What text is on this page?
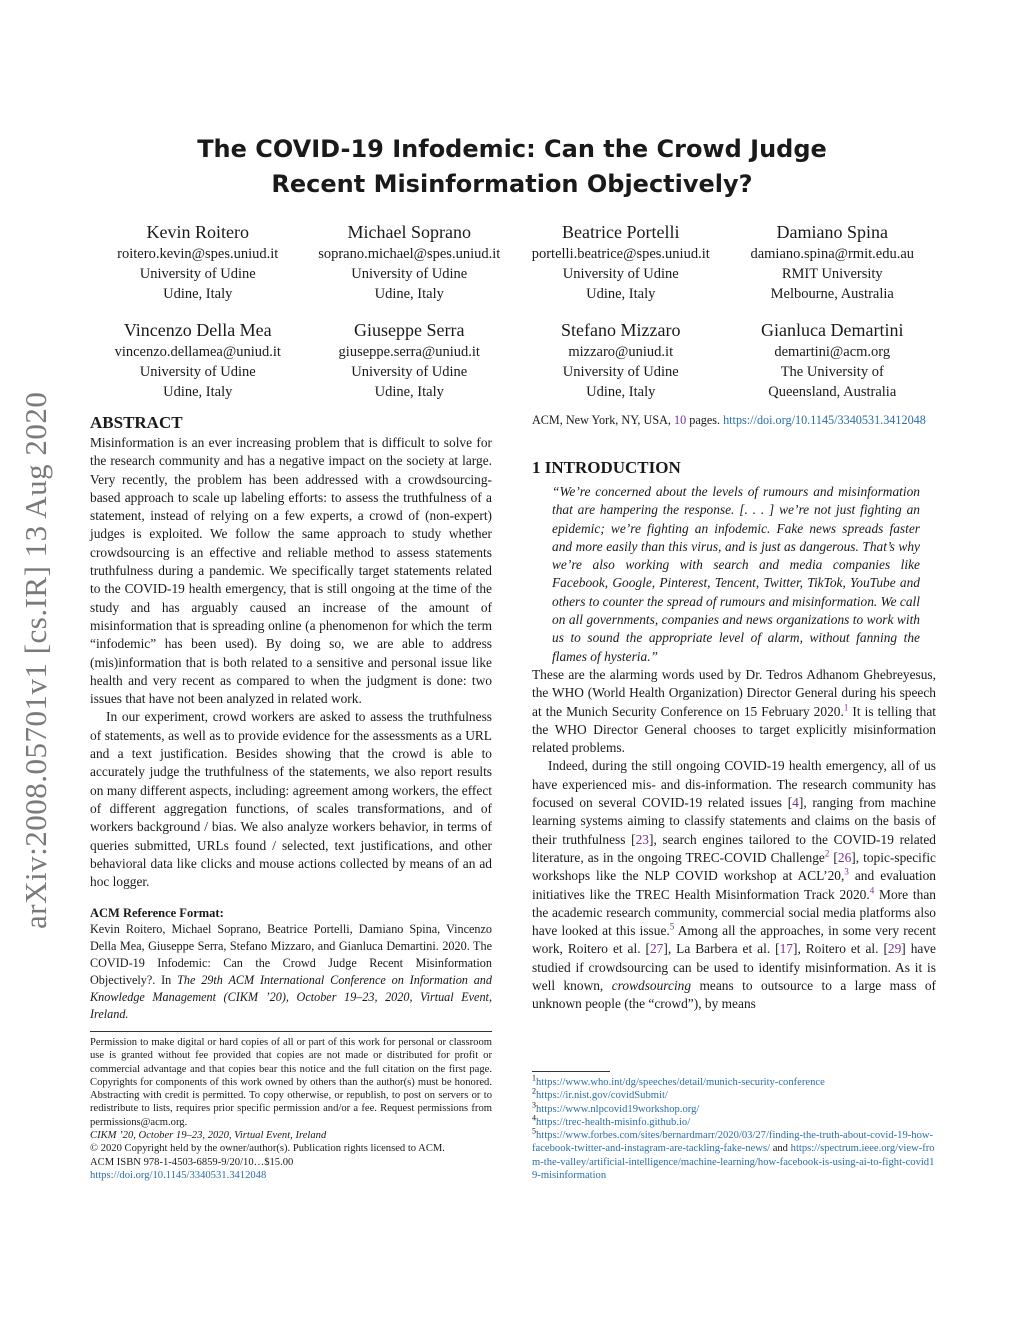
arXiv:2008.05701v1 [cs.IR] 13 Aug 2020
The COVID-19 Infodemic: Can the Crowd Judge
Recent Misinformation Objectively?
Kevin Roitero
roitero.kevin@spes.uniud.it
University of Udine
Udine, Italy
Michael Soprano
soprano.michael@spes.uniud.it
University of Udine
Udine, Italy
Beatrice Portelli
portelli.beatrice@spes.uniud.it
University of Udine
Udine, Italy
Damiano Spina
damiano.spina@rmit.edu.au
RMIT University
Melbourne, Australia
Vincenzo Della Mea
vincenzo.dellamea@uniud.it
University of Udine
Udine, Italy
Giuseppe Serra
giuseppe.serra@uniud.it
University of Udine
Udine, Italy
Stefano Mizzaro
mizzaro@uniud.it
University of Udine
Udine, Italy
Gianluca Demartini
demartini@acm.org
The University of
Queensland, Australia
ABSTRACT

Misinformation is an ever increasing problem that is difficult to solve for the research community and has a negative impact on the society at large. Very recently, the problem has been addressed with a crowdsourcing-based approach to scale up labeling efforts: to assess the truthfulness of a statement, instead of relying on a few experts, a crowd of (non-expert) judges is exploited. We follow the same approach to study whether crowdsourcing is an effective and reliable method to assess statements truthfulness during a pandemic. We specifically target statements related to the COVID-19 health emergency, that is still ongoing at the time of the study and has arguably caused an increase of the amount of misinformation that is spreading online (a phenomenon for which the term “infodemic” has been used). By doing so, we are able to address (mis)information that is both related to a sensitive and personal issue like health and very recent as compared to when the judgment is done: two issues that have not been analyzed in related work.

In our experiment, crowd workers are asked to assess the truthfulness of statements, as well as to provide evidence for the assessments as a URL and a text justification. Besides showing that the crowd is able to accurately judge the truthfulness of the statements, we also report results on many different aspects, including: agreement among workers, the effect of different aggregation functions, of scales transformations, and of workers background / bias. We also analyze workers behavior, in terms of queries submitted, URLs found / selected, text justifications, and other behavioral data like clicks and mouse actions collected by means of an ad hoc logger.

ACM Reference Format:

Kevin Roitero, Michael Soprano, Beatrice Portelli, Damiano Spina, Vincenzo Della Mea, Giuseppe Serra, Stefano Mizzaro, and Gianluca Demartini. 2020. The COVID-19 Infodemic: Can the Crowd Judge Recent Misinformation Objectively?. In The 29th ACM International Conference on Information and Knowledge Management (CIKM ’20), October 19–23, 2020, Virtual Event, Ireland.

Permission to make digital or hard copies of all or part of this work for personal or classroom use is granted without fee provided that copies are not made or distributed for profit or commercial advantage and that copies bear this notice and the full citation on the first page. Copyrights for components of this work owned by others than the author(s) must be honored. Abstracting with credit is permitted. To copy otherwise, or republish, to post on servers or to redistribute to lists, requires prior specific permission and/or a fee. Request permissions from permissions@acm.org.
CIKM ’20, October 19–23, 2020, Virtual Event, Ireland
© 2020 Copyright held by the owner/author(s). Publication rights licensed to ACM.
ACM ISBN 978-1-4503-6859-9/20/10…$15.00
https://doi.org/10.1145/3340531.3412048

ACM, New York, NY, USA, 10 pages. https://doi.org/10.1145/3340531.3412048

1 INTRODUCTION

“We’re concerned about the levels of rumours and misinformation that are hampering the response. [. . . ] we’re not just fighting an epidemic; we’re fighting an infodemic. Fake news spreads faster and more easily than this virus, and is just as dangerous. That’s why we’re also working with search and media companies like Facebook, Google, Pinterest, Tencent, Twitter, TikTok, YouTube and others to counter the spread of rumours and misinformation. We call on all governments, companies and news organizations to work with us to sound the appropriate level of alarm, without fanning the flames of hysteria.”

These are the alarming words used by Dr. Tedros Adhanom Ghebreyesus, the WHO (World Health Organization) Director General during his speech at the Munich Security Conference on 15 February 2020.$^1$ It is telling that the WHO Director General chooses to target explicitly misinformation related problems.

Indeed, during the still ongoing COVID-19 health emergency, all of us have experienced mis- and dis-information. The research community has focused on several COVID-19 related issues [4], ranging from machine learning systems aiming to classify statements and claims on the basis of their truthfulness [23], search engines tailored to the COVID-19 related literature, as in the ongoing TREC-COVID Challenge$^2$ [26], topic-specific workshops like the NLP COVID workshop at ACL’20,$^3$ and evaluation initiatives like the TREC Health Misinformation Track 2020.$^4$ More than the academic research community, commercial social media platforms also have looked at this issue.$^5$ Among all the approaches, in some very recent work, Roitero et al. [27], La Barbera et al. [17], Roitero et al. [29] have studied if crowdsourcing can be used to identify misinformation. As it is well known, crowdsourcing means to outsource to a large mass of unknown people (the “crowd”), by means

$^1$https://www.who.int/dg/speeches/detail/munich-security-conference
$^2$https://ir.nist.gov/covidSubmit/
$^3$https://www.nlpcovid19workshop.org/
$^4$https://trec-health-misinfo.github.io/
$^5$https://www.forbes.com/sites/bernardmarr/2020/03/27/finding-the-truth-about-covid-19-how-facebook-twitter-and-instagram-are-tackling-fake-news/ and https://spectrum.ieee.org/view-from-the-valley/artificial-intelligence/machine-learning/how-facebook-is-using-ai-to-fight-covid19-misinformation
